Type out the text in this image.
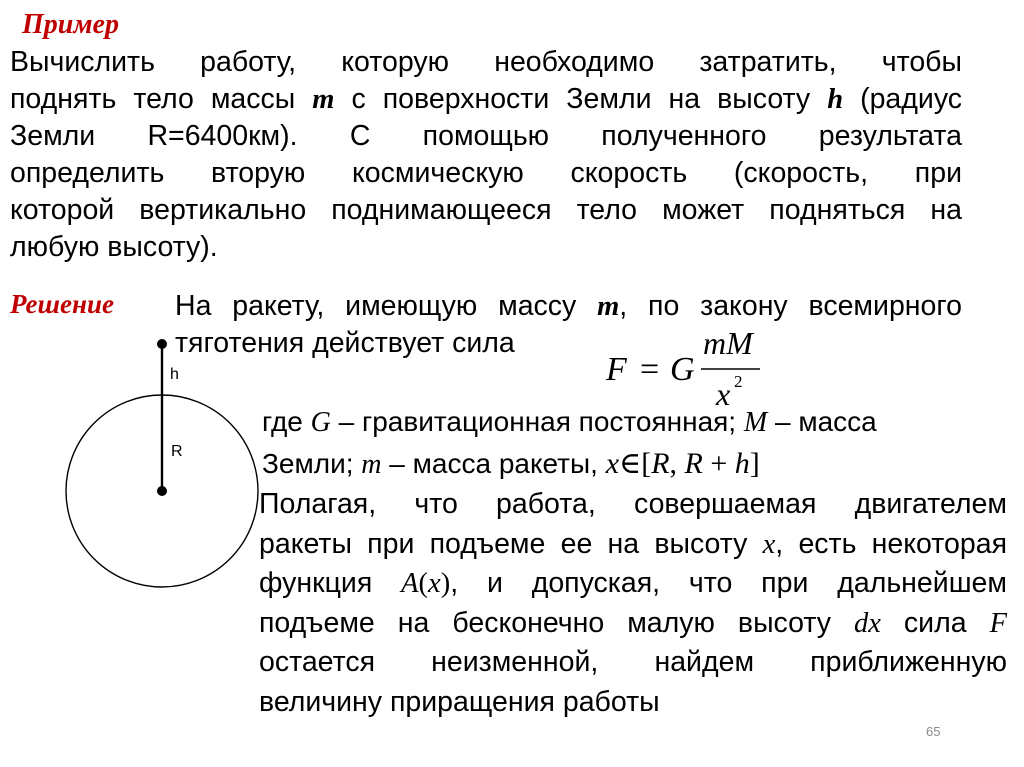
Пример

Вычислить работу, которую необходимо затратить, чтобы

поднять тело массы m с поверхности Земли на высоту h (радиус

Земли R=6400км). С помощью полученного результата

определить вторую космическую скорость (скорость, при

которой вертикально поднимающееся тело может подняться на

любую высоту).

Решение На ракету, имеющую массу m, по закону всемирного

тяготения действует сила

F = G
mM
x 2

где G – гравитационная постоянная; M – масса

Земли; m – масса ракеты, x∈[R, R + h]

Полагая, что работа, совершаемая двигателем

ракеты при подъеме ее на высоту x, есть некоторая

функция A(x), и допуская, что при дальнейшем

подъеме на бесконечно малую высоту dx сила F

остается неизменной, найдем приближенную

величину приращения работы

h
R
65
